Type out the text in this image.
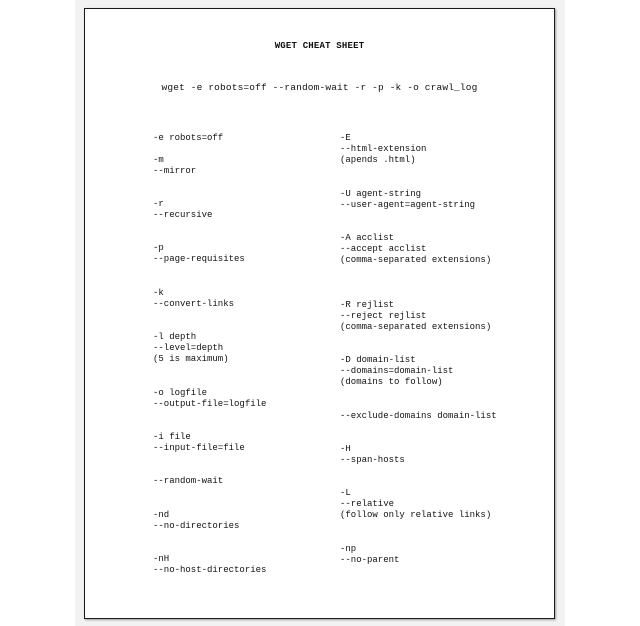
WGET CHEAT SHEET
wget -e robots=off --random-wait -r -p -k -o crawl_log
-e robots=off
-m
--mirror
-r
--recursive
-p
--page-requisites
-k
--convert-links
-l depth
--level=depth
(5 is maximum)
-o logfile
--output-file=logfile
-i file
--input-file=file
--random-wait
-nd
--no-directories
-nH
--no-host-directories
-E
--html-extension
(apends .html)
-U agent-string
--user-agent=agent-string
-A acclist
--accept acclist
(comma-separated extensions)
-R rejlist
--reject rejlist
(comma-separated extensions)
-D domain-list
--domains=domain-list
(domains to follow)
--exclude-domains domain-list
-H
--span-hosts
-L
--relative
(follow only relative links)
-np
--no-parent
